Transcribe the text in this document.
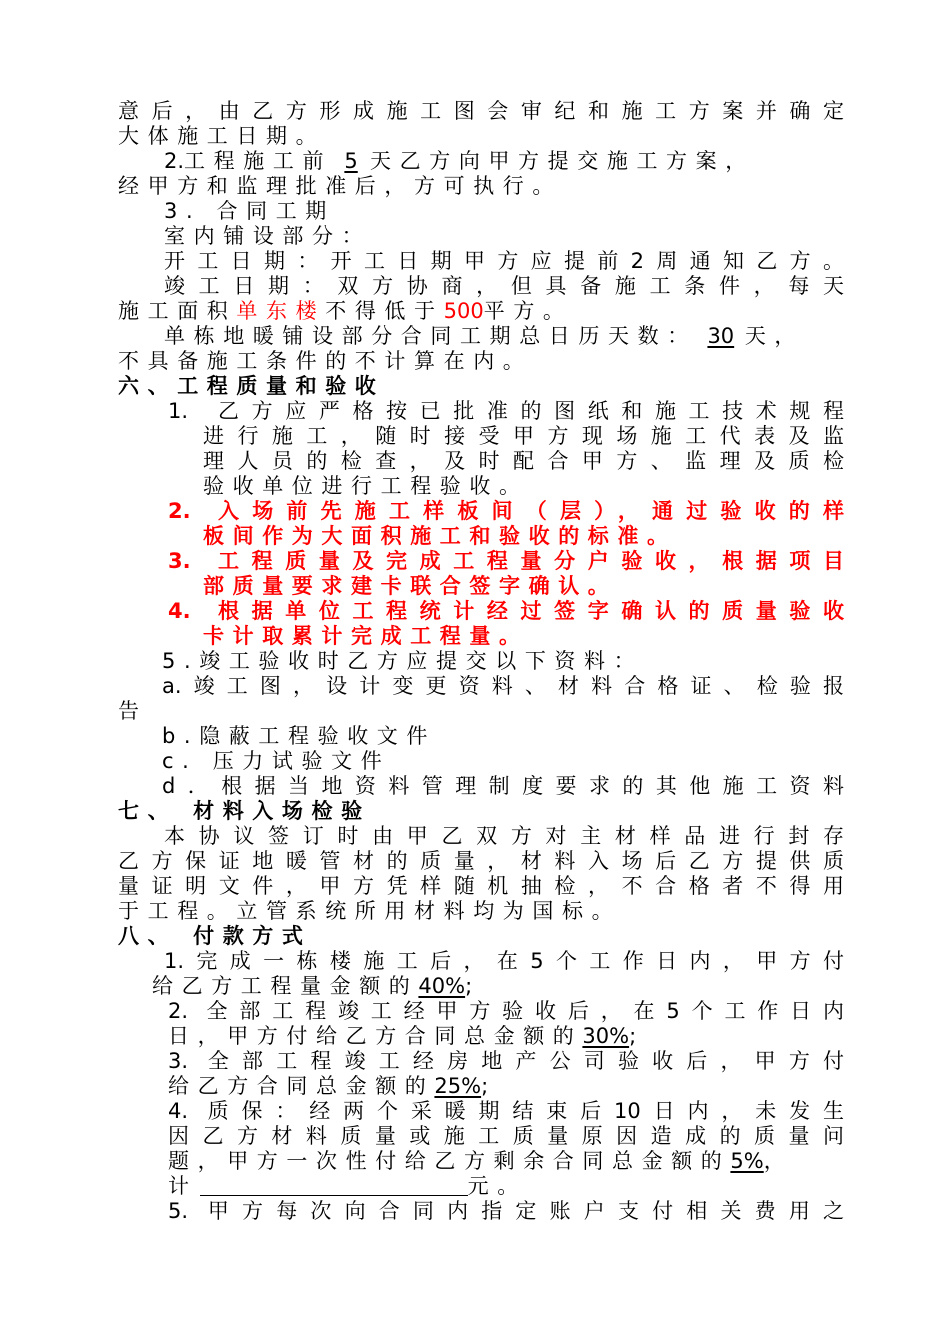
意后，由乙方形成施工图会审纪和施工方案并确定
大体施工日期。
2.工程施工前 5 天乙方向甲方提交施工方案，
经甲方和监理批准后，方可执行。
3. 合同工期
室内铺设部分：
开工日期：开工日期甲方应提前2周通知乙方。
竣工日期：双方协商，但具备施工条件，每天
施工面积单东楼不得低于500平方。
单栋地暖铺设部分合同工期总日历天数： 30 天，
不具备施工条件的不计算在内。
六、工程质量和验收
1. 乙方应严格按已批准的图纸和施工技术规程
进行施工，随时接受甲方现场施工代表及监
理人员的检查，及时配合甲方、监理及质检
验收单位进行工程验收。
2. 入场前先施工样板间（层），通过验收的样
板间作为大面积施工和验收的标准。
3. 工程质量及完成工程量分户验收，根据项目
部质量要求建卡联合签字确认。
4. 根据单位工程统计经过签字确认的质量验收
卡计取累计完成工程量。
5.竣工验收时乙方应提交以下资料：
a.竣工图，设计变更资料、材料合格证、检验报
告
b.隐蔽工程验收文件
c. 压力试验文件
d．根据当地资料管理制度要求的其他施工资料
七、 材料入场检验
本协议签订时由甲乙双方对主材样品进行封存
乙方保证地暖管材的质量，材料入场后乙方提供质
量证明文件，甲方凭样随机抽检，不合格者不得用
于工程。立管系统所用材料均为国标。
八、 付款方式
1.完成一栋楼施工后，在5个工作日内，甲方付
给乙方工程量金额的40%;
2. 全部工程竣工经甲方验收后，在5个工作日内
日，甲方付给乙方合同总金额的30%;
3. 全部工程竣工经房地产公司验收后，甲方付
给乙方合同总金额的25%;
4. 质保：经两个采暖期结束后10日内，未发生
因乙方材料质量或施工质量原因造成的质量问
题，甲方一次性付给乙方剩余合同总金额的5%，
计	元。
5. 甲方每次向合同内指定账户支付相关费用之
